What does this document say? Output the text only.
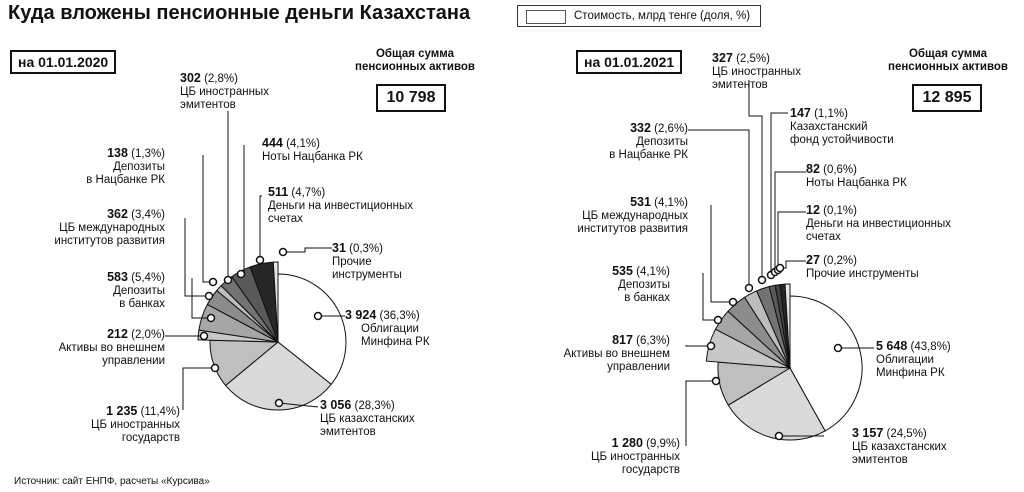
Куда вложены пенсионные деньги Казахстана	Стоимость, млрд тенге (доля, %)
на 01.01.2020	Общая сумма
пенсионных активов
10 798
на 01.01.2021	Общая сумма
пенсионных активов
12 895
302 (2,8%)
ЦБ иностранных
эмитентов
444 (4,1%)
Ноты Нацбанка РК
511 (4,7%)
Деньги на инвестиционных
счетах
31 (0,3%)
Прочие
инструменты
3 924 (36,3%)
Облигации
Минфина РК
3 056 (28,3%)
ЦБ казахстанских
эмитентов
1 235 (11,4%)
ЦБ иностранных
государств
212 (2,0%)
Активы во внешнем
управлении
583 (5,4%)
Депозиты
в банках
362 (3,4%)
ЦБ международных
институтов развития
138 (1,3%)
Депозиты
в Нацбанке РК
327 (2,5%)
ЦБ иностранных
эмитентов
147 (1,1%)
Казахстанский
фонд устойчивости
82 (0,6%)
Ноты Нацбанка РК
12 (0,1%)
Деньги на инвестиционных
счетах
27 (0,2%)
Прочие инструменты
5 648 (43,8%)
Облигации
Минфина РК
3 157 (24,5%)
ЦБ казахстанских
эмитентов
1 280 (9,9%)
ЦБ иностранных
государств
817 (6,3%)
Активы во внешнем
управлении
535 (4,1%)
Депозиты
в банках
531 (4,1%)
ЦБ международных
институтов развития
332 (2,6%)
Депозиты
в Нацбанке РК
Источник: сайт ЕНПФ, расчеты «Курсива»
